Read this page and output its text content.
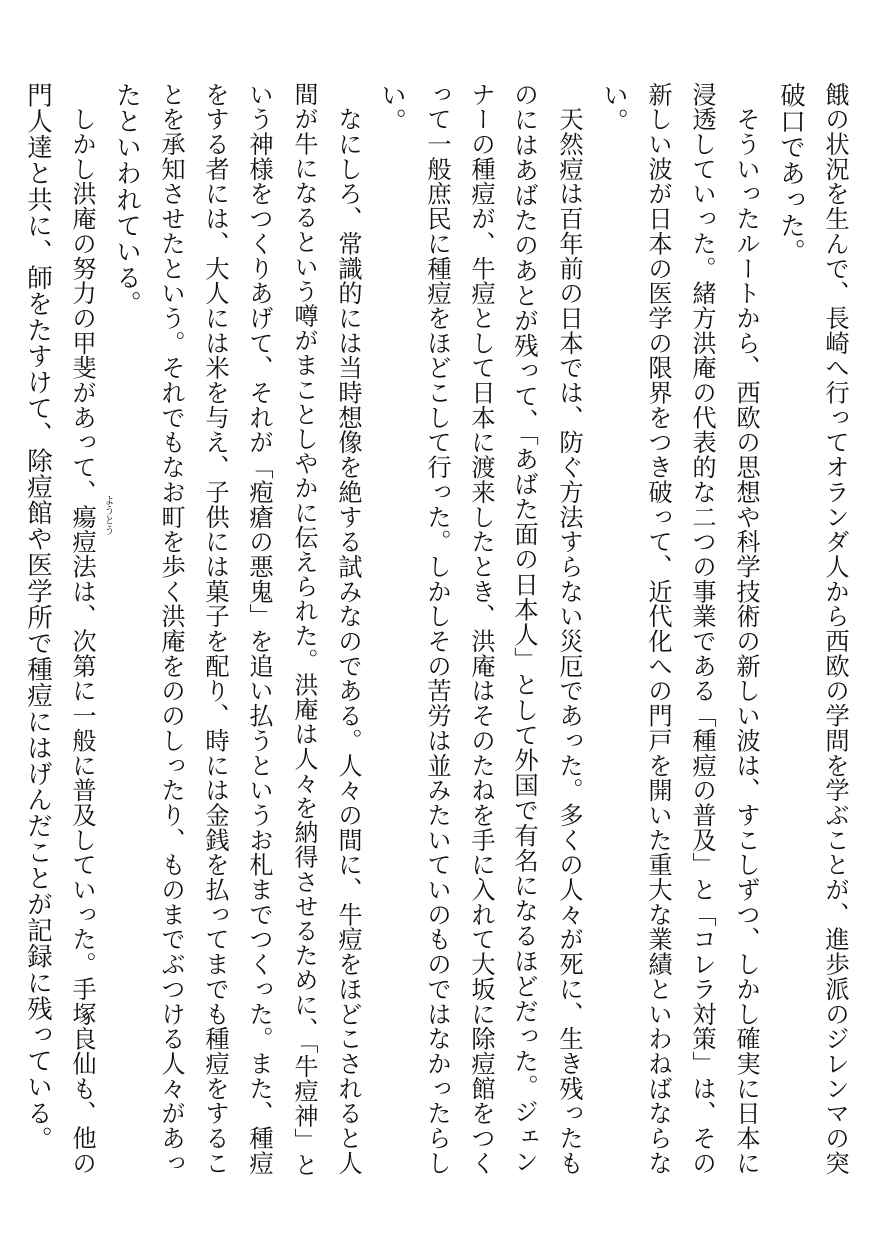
餓の状況を生んで、長崎へ行ってオランダ人から西欧の学問を学ぶことが、進歩派のジレンマの突

破口であった。

　そういったルートから、西欧の思想や科学技術の新しい波は、すこしずつ、しかし確実に日本に

浸透していった。緒方洪庵の代表的な二つの事業である「種痘の普及」と「コレラ対策」は、その

新しい波が日本の医学の限界をつき破って、近代化への門戸を開いた重大な業績といわねばならな

い。

　天然痘は百年前の日本では、防ぐ方法すらない災厄であった。多くの人々が死に、生き残ったも

のにはあばたのあとが残って、「あばた面の日本人」として外国で有名になるほどだった。ジェン

ナーの種痘が、牛痘として日本に渡来したとき、洪庵はそのたねを手に入れて大坂に除痘館をつく

って一般庶民に種痘をほどこして行った。しかしその苦労は並みたいていのものではなかったらし

い。

　なにしろ、常識的には当時想像を絶する試みなのである。人々の間に、牛痘をほどこされると人

間が牛になるという噂がまことしやかに伝えられた。洪庵は人々を納得させるために、「牛痘神」と

いう神様をつくりあげて、それが「疱瘡の悪鬼」を追い払うというお札までつくった。また、種痘

をする者には、大人には米を与え、子供には菓子を配り、時には金銭を払ってまでも種痘をするこ

とを承知させたという。それでもなお町を歩く洪庵をののしったり、ものまでぶつける人々があっ

たといわれている。

　しかし洪庵の努力の甲斐があって、瘍痘法は、次第に一般に普及していった。手塚良仙も、他の

門人達と共に、師をたすけて、除痘館や医学所で種痘にはげんだことが記録に残っている。	ようとう
